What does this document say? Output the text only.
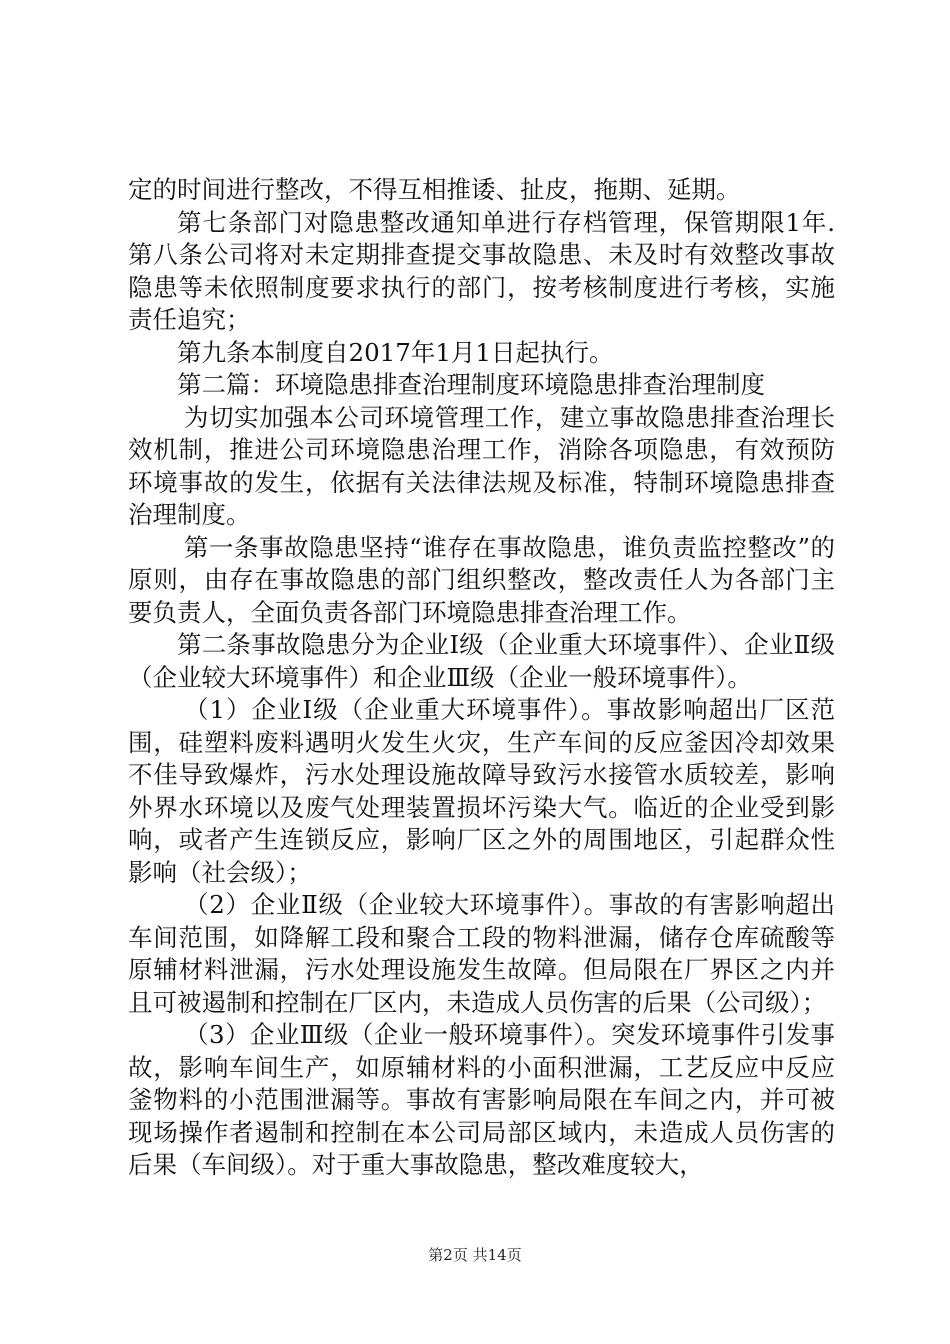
定的时间进行整改，不得互相推诿、扯皮，拖期、延期。

第七条部门对隐患整改通知单进行存档管理，保管期限1年.第八条公司将对未定期排查提交事故隐患、未及时有效整改事故隐患等未依照制度要求执行的部门，按考核制度进行考核，实施责任追究；

第九条本制度自2017年1月1日起执行。

第二篇：环境隐患排查治理制度环境隐患排查治理制度

为切实加强本公司环境管理工作，建立事故隐患排查治理长效机制，推进公司环境隐患治理工作，消除各项隐患，有效预防环境事故的发生，依据有关法律法规及标准，特制环境隐患排查治理制度。

第一条事故隐患坚持“谁存在事故隐患，谁负责监控整改”的原则，由存在事故隐患的部门组织整改，整改责任人为各部门主要负责人，全面负责各部门环境隐患排查治理工作。

第二条事故隐患分为企业Ⅰ级（企业重大环境事件）、企业Ⅱ级（企业较大环境事件）和企业Ⅲ级（企业一般环境事件）。

（1）企业Ⅰ级（企业重大环境事件）。事故影响超出厂区范围，硅塑料废料遇明火发生火灾，生产车间的反应釜因冷却效果不佳导致爆炸，污水处理设施故障导致污水接管水质较差，影响外界水环境以及废气处理装置损坏污染大气。临近的企业受到影响，或者产生连锁反应，影响厂区之外的周围地区，引起群众性影响（社会级）；

（2）企业Ⅱ级（企业较大环境事件）。事故的有害影响超出车间范围，如降解工段和聚合工段的物料泄漏，储存仓库硫酸等原辅材料泄漏，污水处理设施发生故障。但局限在厂界区之内并且可被遏制和控制在厂区内，未造成人员伤害的后果（公司级）；

（3）企业Ⅲ级（企业一般环境事件）。突发环境事件引发事故，影响车间生产，如原辅材料的小面积泄漏，工艺反应中反应釜物料的小范围泄漏等。事故有害影响局限在车间之内，并可被现场操作者遏制和控制在本公司局部区域内，未造成人员伤害的后果（车间级）。对于重大事故隐患，整改难度较大，

第2页 共14页
